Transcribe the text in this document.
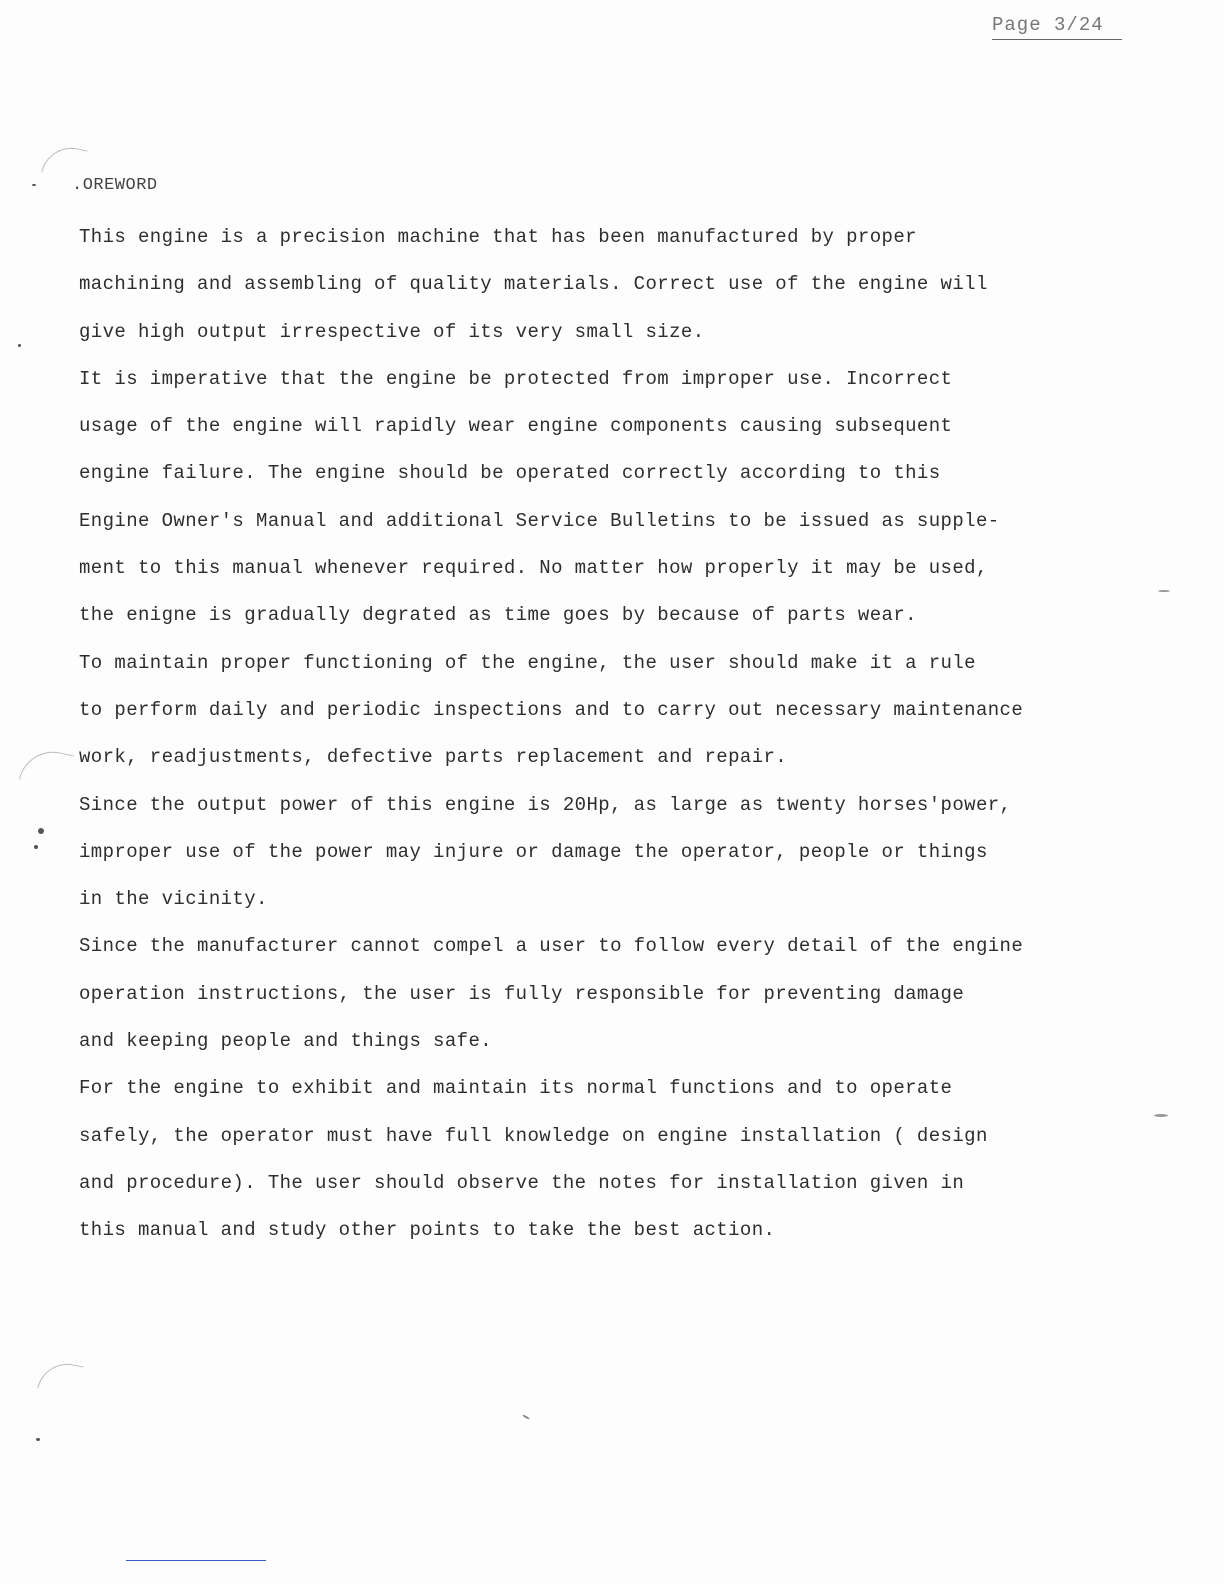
Page 3/24
.OREWORD
This engine is a precision machine that has been manufactured by proper
machining and assembling of quality materials. Correct use of the engine will
give high output irrespective of its very small size.
It is imperative that the engine be protected from improper use. Incorrect
usage of the engine will rapidly wear engine components causing subsequent
engine failure. The engine should be operated correctly according to this
Engine Owner's Manual and additional Service Bulletins to be issued as supple-
ment to this manual whenever required. No matter how properly it may be used,
the enigne is gradually degrated as time goes by because of parts wear.
To maintain proper functioning of the engine, the user should make it a rule
to perform daily and periodic inspections and to carry out necessary maintenance
work, readjustments, defective parts replacement and repair.
Since the output power of this engine is 20Hp, as large as twenty horses'power,
improper use of the power may injure or damage the operator, people or things
in the vicinity.
Since the manufacturer cannot compel a user to follow every detail of the engine
operation instructions, the user is fully responsible for preventing damage
and keeping people and things safe.
For the engine to exhibit and maintain its normal functions and to operate
safely, the operator must have full knowledge on engine installation ( design
and procedure). The user should observe the notes for installation given in
this manual and study other points to take the best action.
